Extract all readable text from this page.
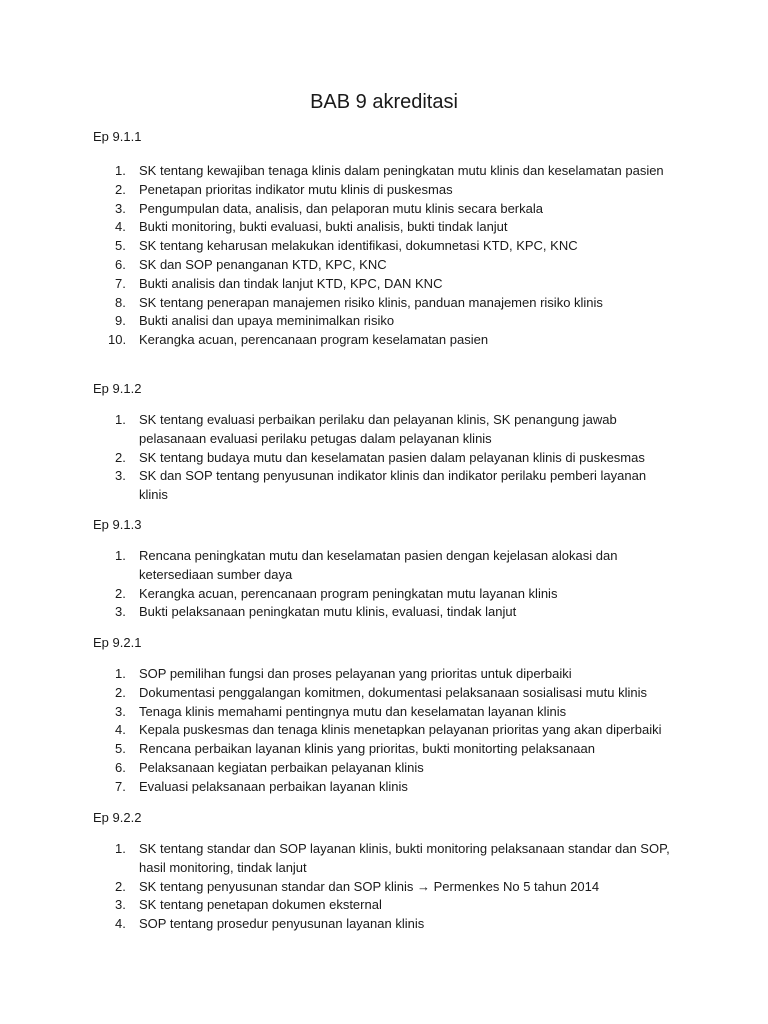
BAB 9 akreditasi

Ep 9.1.1

1. SK tentang kewajiban tenaga klinis dalam peningkatan mutu klinis dan keselamatan pasien
2. Penetapan prioritas indikator mutu klinis di puskesmas
3. Pengumpulan data, analisis, dan pelaporan mutu klinis secara berkala
4. Bukti monitoring, bukti evaluasi, bukti analisis, bukti tindak lanjut
5. SK tentang keharusan melakukan identifikasi, dokumnetasi KTD, KPC, KNC
6. SK dan SOP penanganan KTD, KPC, KNC
7. Bukti analisis dan tindak lanjut KTD, KPC, DAN KNC
8. SK tentang penerapan manajemen risiko klinis, panduan manajemen risiko klinis
9. Bukti analisi dan upaya meminimalkan risiko
10. Kerangka acuan, perencanaan program keselamatan pasien

Ep 9.1.2

1. SK tentang evaluasi perbaikan perilaku dan pelayanan klinis, SK penangung jawab pelasanaan evaluasi perilaku petugas dalam pelayanan klinis
2. SK tentang budaya mutu dan keselamatan pasien dalam pelayanan klinis di puskesmas
3. SK dan SOP tentang penyusunan indikator klinis dan indikator perilaku pemberi layanan klinis

Ep 9.1.3

1. Rencana peningkatan mutu dan keselamatan pasien dengan kejelasan alokasi dan ketersediaan sumber daya
2. Kerangka acuan, perencanaan program peningkatan mutu layanan klinis
3. Bukti pelaksanaan peningkatan mutu klinis, evaluasi, tindak lanjut

Ep 9.2.1

1. SOP pemilihan fungsi dan proses pelayanan yang prioritas untuk diperbaiki
2. Dokumentasi penggalangan komitmen, dokumentasi pelaksanaan sosialisasi mutu klinis
3. Tenaga klinis memahami pentingnya mutu dan keselamatan layanan klinis
4. Kepala puskesmas dan tenaga klinis menetapkan pelayanan prioritas yang akan diperbaiki
5. Rencana perbaikan layanan klinis yang prioritas, bukti monitorting pelaksanaan
6. Pelaksanaan kegiatan perbaikan pelayanan klinis
7. Evaluasi pelaksanaan perbaikan layanan klinis

Ep 9.2.2

1. SK tentang standar dan SOP layanan klinis, bukti monitoring pelaksanaan standar dan SOP, hasil monitoring, tindak lanjut
2. SK tentang penyusunan standar dan SOP klinis → Permenkes No 5 tahun 2014
3. SK tentang penetapan dokumen eksternal
4. SOP tentang prosedur penyusunan layanan klinis
